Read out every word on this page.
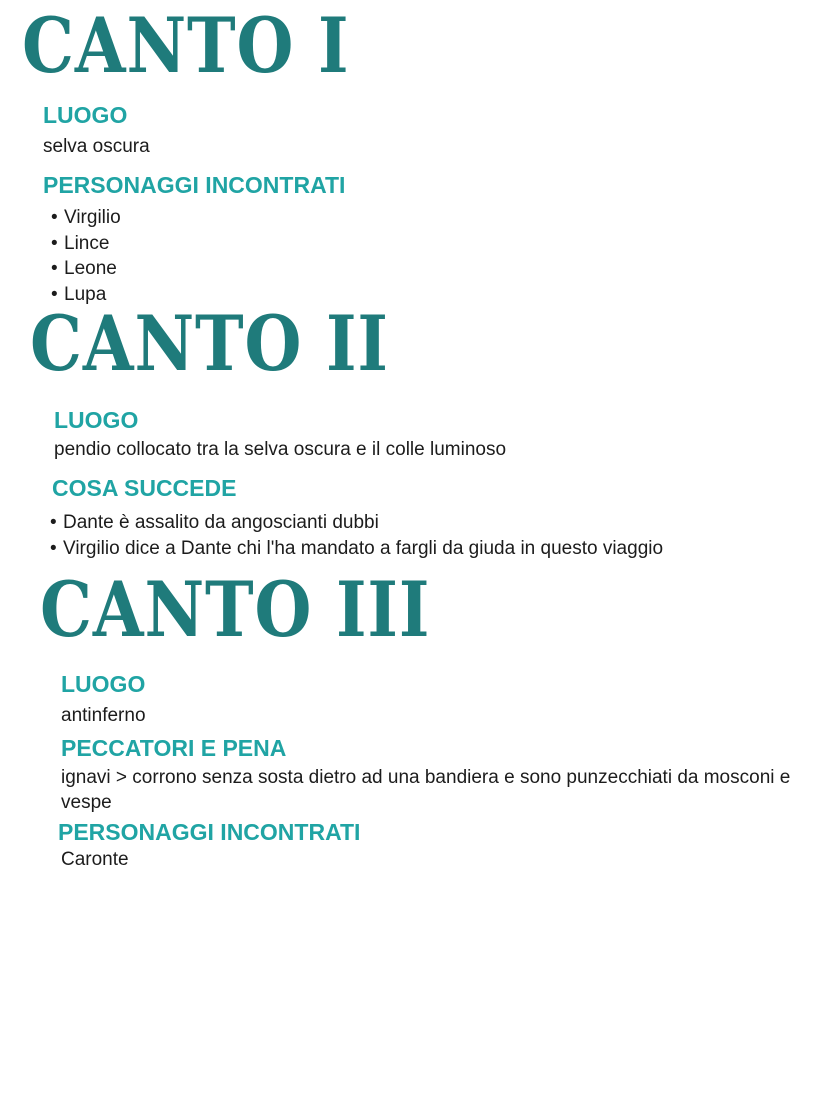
CANTO I

LUOGO

selva oscura

PERSONAGGI INCONTRATI

• Virgilio
• Lince
• Leone
• Lupa
CANTO II

LUOGO

pendio collocato tra la selva oscura e il colle luminoso

COSA SUCCEDE

• Dante è assalito da angoscianti dubbi
• Virgilio dice a Dante chi l'ha mandato a fargli da giuda in questo viaggio
CANTO III

LUOGO

antinferno

PECCATORI E PENA

ignavi > corrono senza sosta dietro ad una bandiera e sono punzecchiati da mosconi e vespe

PERSONAGGI INCONTRATI

Caronte
